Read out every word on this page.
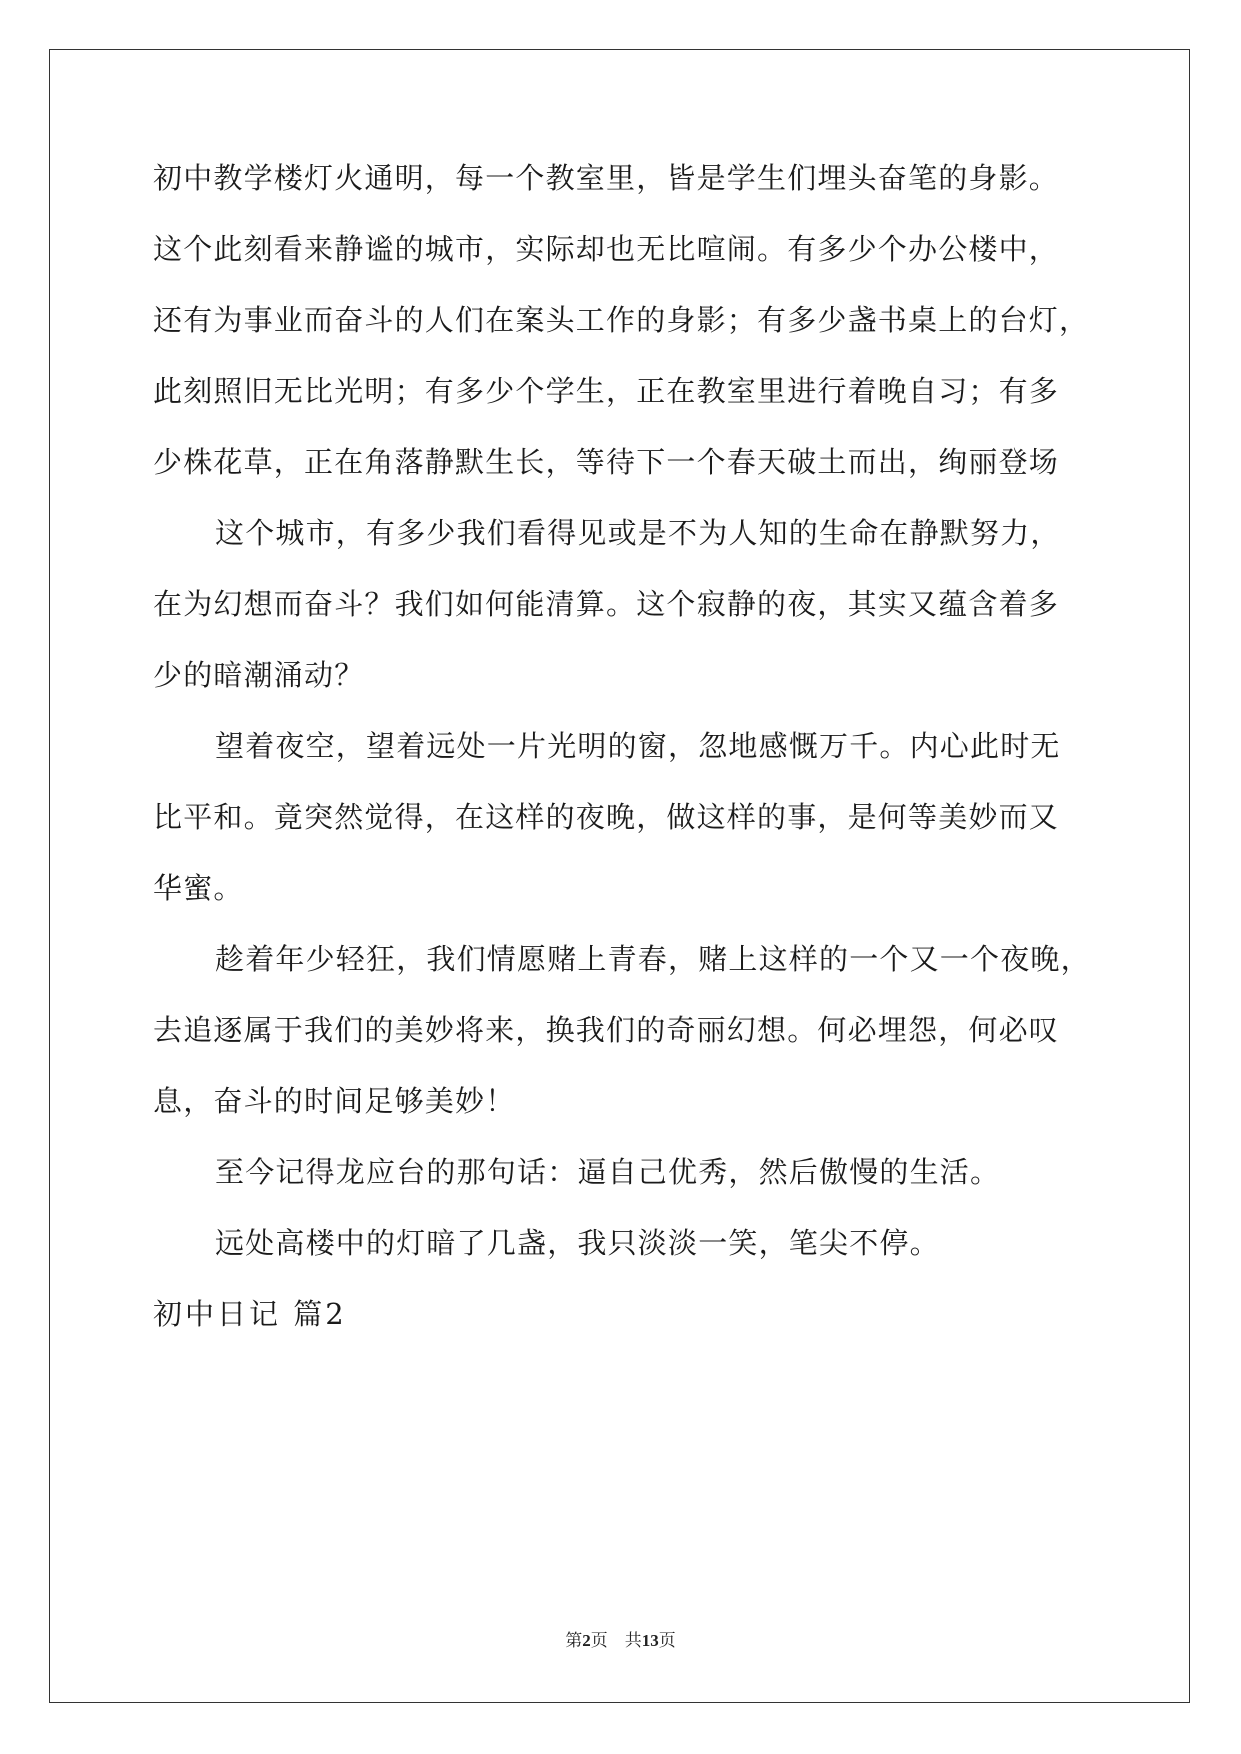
初中教学楼灯火通明，每一个教室里，皆是学生们埋头奋笔的身影。
这个此刻看来静谧的城市，实际却也无比喧闹。有多少个办公楼中，
还有为事业而奋斗的人们在案头工作的身影；有多少盏书桌上的台灯，
此刻照旧无比光明；有多少个学生，正在教室里进行着晚自习；有多
少株花草，正在角落静默生长，等待下一个春天破土而出，绚丽登场
这个城市，有多少我们看得见或是不为人知的生命在静默努力，
在为幻想而奋斗？我们如何能清算。这个寂静的夜，其实又蕴含着多
少的暗潮涌动？
望着夜空，望着远处一片光明的窗，忽地感慨万千。内心此时无
比平和。竟突然觉得，在这样的夜晚，做这样的事，是何等美妙而又
华蜜。
趁着年少轻狂，我们情愿赌上青春，赌上这样的一个又一个夜晚，
去追逐属于我们的美妙将来，换我们的奇丽幻想。何必埋怨，何必叹
息，奋斗的时间足够美妙！
至今记得龙应台的那句话：逼自己优秀，然后傲慢的生活。
远处高楼中的灯暗了几盏，我只淡淡一笑，笔尖不停。
初中日记 篇2
第2页 共13页
